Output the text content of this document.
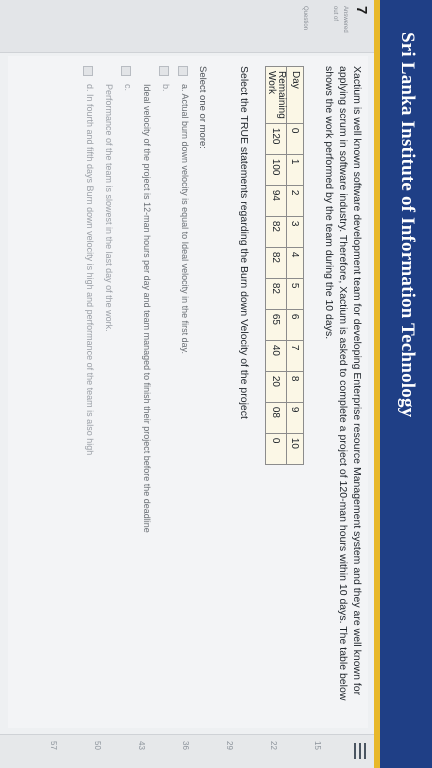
Sri Lanka Institute of Information Technology
7
Answered
out of
Question
15
22
29
36
43
50
57

Xactium is well known software development team for developing Enterprise resource Management system and they are well known for applying scrum in software industry. Therefore, Xactium is asked to complete a project of 120-man hours within 10 days. The table below shows the work performed by the team during the 10 days.

Day	0	1	2	3	4	5	6	7	8	9	10
Remaining Work	120	100	94	82	82	82	65	40	20	08	0

Select the TRUE statements regarding the Burn down Velocity of the project

Select one or more:

a. Actual burn down velocity is equal to Ideal velocity in the first day.
b.
Ideal velocity of the project is 12-man hours per day and team managed to finish their project before the deadline
c.
Performance of the team is slowest in the last day of the work.
d. In fourth and fifth days Burn down velocity is high and performance of the team is also high
